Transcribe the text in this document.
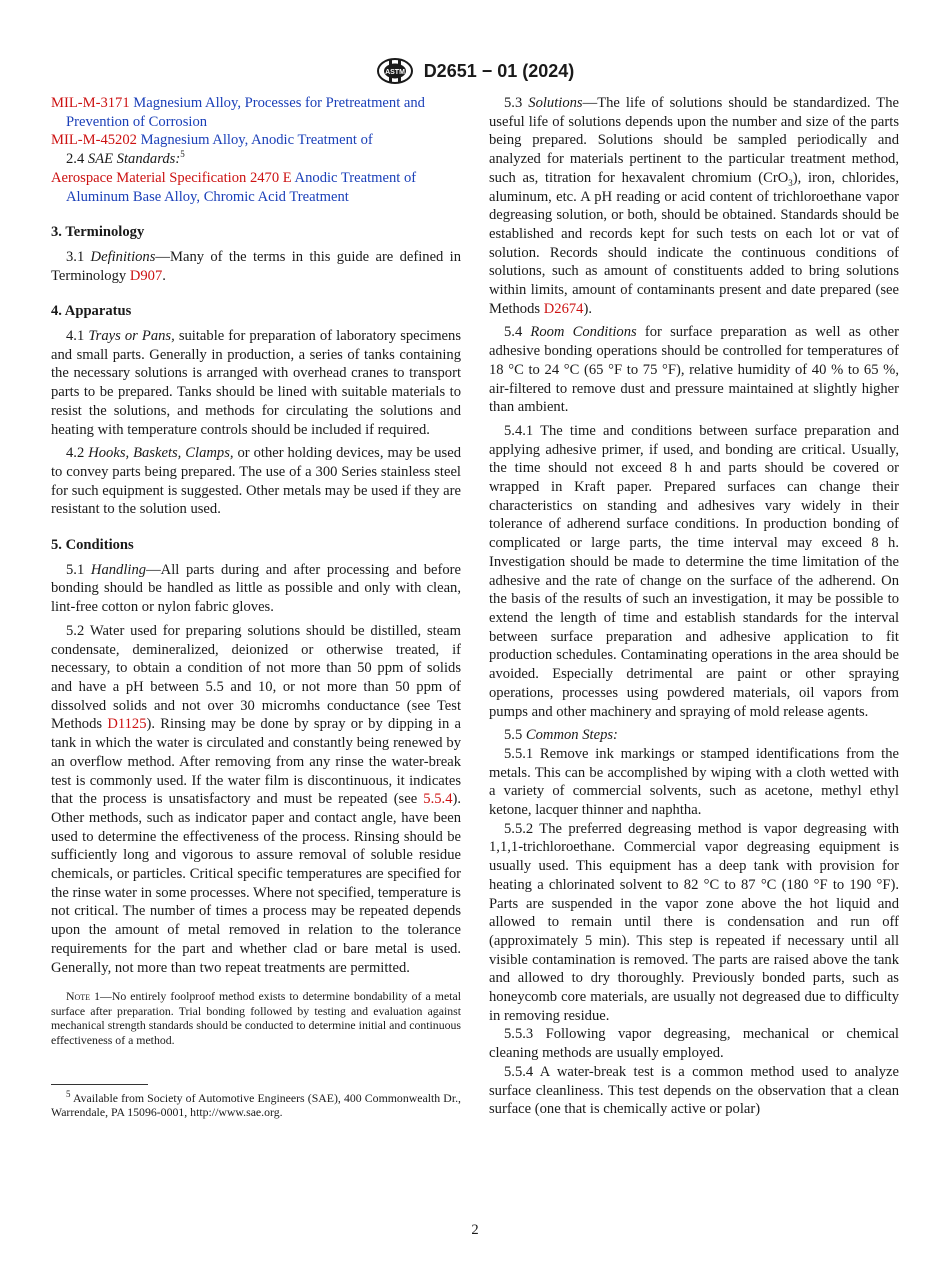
ASTM D2651 − 01 (2024)

MIL-M-3171 Magnesium Alloy, Processes for Pretreatment and Prevention of Corrosion

MIL-M-45202 Magnesium Alloy, Anodic Treatment of

2.4 SAE Standards:$^5$

Aerospace Material Specification 2470 E Anodic Treatment of Aluminum Base Alloy, Chromic Acid Treatment

3. Terminology

3.1 Definitions—Many of the terms in this guide are defined in Terminology D907.

4. Apparatus

4.1 Trays or Pans, suitable for preparation of laboratory specimens and small parts. Generally in production, a series of tanks containing the necessary solutions is arranged with overhead cranes to transport parts to be prepared. Tanks should be lined with suitable materials to resist the solutions, and methods for circulating the solutions and heating with temperature controls should be included if required.

4.2 Hooks, Baskets, Clamps, or other holding devices, may be used to convey parts being prepared. The use of a 300 Series stainless steel for such equipment is suggested. Other metals may be used if they are resistant to the solution used.

5. Conditions

5.1 Handling—All parts during and after processing and before bonding should be handled as little as possible and only with clean, lint-free cotton or nylon fabric gloves.

5.2 Water used for preparing solutions should be distilled, steam condensate, demineralized, deionized or otherwise treated, if necessary, to obtain a condition of not more than 50 ppm of solids and have a pH between 5.5 and 10, or not more than 50 ppm of dissolved solids and not over 30 micromhs conductance (see Test Methods D1125). Rinsing may be done by spray or by dipping in a tank in which the water is circulated and constantly being renewed by an overflow method. After removing from any rinse the water-break test is commonly used. If the water film is discontinuous, it indicates that the process is unsatisfactory and must be repeated (see 5.5.4). Other methods, such as indicator paper and contact angle, have been used to determine the effectiveness of the process. Rinsing should be sufficiently long and vigorous to assure removal of soluble residue chemicals, or particles. Critical specific temperatures are specified for the rinse water in some processes. Where not specified, temperature is not critical. The number of times a process may be repeated depends upon the amount of metal removed in relation to the tolerance requirements for the part and whether clad or bare metal is used. Generally, not more than two repeat treatments are permitted.

Note 1—No entirely foolproof method exists to determine bondability of a metal surface after preparation. Trial bonding followed by testing and evaluation against mechanical strength standards should be conducted to determine initial and continuous effectiveness of a method.

$^5$ Available from Society of Automotive Engineers (SAE), 400 Commonwealth Dr., Warrendale, PA 15096-0001, http://www.sae.org.

5.3 Solutions—The life of solutions should be standardized. The useful life of solutions depends upon the number and size of the parts being prepared. Solutions should be sampled periodically and analyzed for materials pertinent to the particular treatment method, such as, titration for hexavalent chromium (CrO$_3$), iron, chlorides, aluminum, etc. A pH reading or acid content of trichloroethane vapor degreasing solution, or both, should be obtained. Standards should be established and records kept for such tests on each lot or vat of solution. Records should indicate the continuous conditions of solutions, such as amount of constituents added to bring solutions within limits, amount of contaminants present and date prepared (see Methods D2674).

5.4 Room Conditions for surface preparation as well as other adhesive bonding operations should be controlled for temperatures of 18 °C to 24 °C (65 °F to 75 °F), relative humidity of 40 % to 65 %, air-filtered to remove dust and pressure maintained at slightly higher than ambient.

5.4.1 The time and conditions between surface preparation and applying adhesive primer, if used, and bonding are critical. Usually, the time should not exceed 8 h and parts should be covered or wrapped in Kraft paper. Prepared surfaces can change their characteristics on standing and adhesives vary widely in their tolerance of adherend surface conditions. In production bonding of complicated or large parts, the time interval may exceed 8 h. Investigation should be made to determine the time limitation of the adhesive and the rate of change on the surface of the adherend. On the basis of the results of such an investigation, it may be possible to extend the length of time and establish standards for the interval between surface preparation and adhesive application to fit production schedules. Contaminating operations in the area should be avoided. Especially detrimental are paint or other spraying operations, processes using powdered materials, oil vapors from pumps and other machinery and spraying of mold release agents.

5.5 Common Steps:

5.5.1 Remove ink markings or stamped identifications from the metals. This can be accomplished by wiping with a cloth wetted with a variety of commercial solvents, such as acetone, methyl ethyl ketone, lacquer thinner and naphtha.

5.5.2 The preferred degreasing method is vapor degreasing with 1,1,1-trichloroethane. Commercial vapor degreasing equipment is usually used. This equipment has a deep tank with provision for heating a chlorinated solvent to 82 °C to 87 °C (180 °F to 190 °F). Parts are suspended in the vapor zone above the hot liquid and allowed to remain until there is condensation and run off (approximately 5 min). This step is repeated if necessary until all visible contamination is removed. The parts are raised above the tank and allowed to dry thoroughly. Previously bonded parts, such as honeycomb core materials, are usually not degreased due to difficulty in removing residue.

5.5.3 Following vapor degreasing, mechanical or chemical cleaning methods are usually employed.

5.5.4 A water-break test is a common method used to analyze surface cleanliness. This test depends on the observation that a clean surface (one that is chemically active or polar)

2
